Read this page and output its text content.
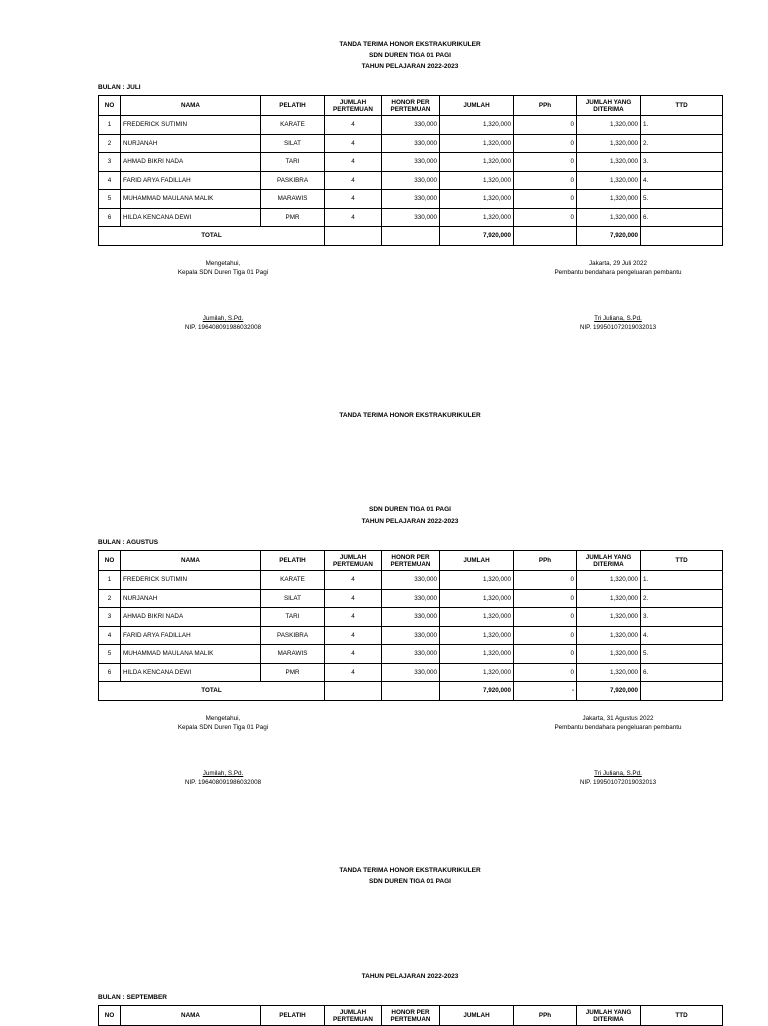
TANDA TERIMA HONOR EKSTRAKURIKULER
SDN DUREN TIGA 01 PAGI
TAHUN PELAJARAN 2022-2023
BULAN : JULI
NO	NAMA	PELATIH	JUMLAH PERTEMUAN	HONOR PER PERTEMUAN	JUMLAH	PPh	JUMLAH YANG DITERIMA	TTD
1	FREDERICK SUTIMIN	KARATE	4	330,000	1,320,000	0	1,320,000	1.
2	NURJANAH	SILAT	4	330,000	1,320,000	0	1,320,000	2.
3	AHMAD BIKRI NADA	TARI	4	330,000	1,320,000	0	1,320,000	3.
4	FARID ARYA FADILLAH	PASKIBRA	4	330,000	1,320,000	0	1,320,000	4.
5	MUHAMMAD MAULANA MALIK	MARAWIS	4	330,000	1,320,000	0	1,320,000	5.
6	HILDA KENCANA DEWI	PMR	4	330,000	1,320,000	0	1,320,000	6.
TOTAL					7,920,000		7,920,000	
Mengetahui,
Kepala SDN Duren Tiga 01 Pagi
Jumilah, S.Pd.
NIP. 196408091986032008
Jakarta, 29 Juli 2022
Pembantu bendahara pengeluaran pembantu
Tri Juliana, S.Pd.
NIP. 199501072019032013
TANDA TERIMA HONOR EKSTRAKURIKULER
SDN DUREN TIGA 01 PAGI
TAHUN PELAJARAN 2022-2023
BULAN : AGUSTUS
NO	NAMA	PELATIH	JUMLAH PERTEMUAN	HONOR PER PERTEMUAN	JUMLAH	PPh	JUMLAH YANG DITERIMA	TTD
1	FREDERICK SUTIMIN	KARATE	4	330,000	1,320,000	0	1,320,000	1.
2	NURJANAH	SILAT	4	330,000	1,320,000	0	1,320,000	2.
3	AHMAD BIKRI NADA	TARI	4	330,000	1,320,000	0	1,320,000	3.
4	FARID ARYA FADILLAH	PASKIBRA	4	330,000	1,320,000	0	1,320,000	4.
5	MUHAMMAD MAULANA MALIK	MARAWIS	4	330,000	1,320,000	0	1,320,000	5.
6	HILDA KENCANA DEWI	PMR	4	330,000	1,320,000	0	1,320,000	6.
TOTAL					7,920,000	-	7,920,000	
Mengetahui,
Kepala SDN Duren Tiga 01 Pagi
Jumilah, S.Pd.
NIP. 196408091986032008
Jakarta, 31 Agustus 2022
Pembantu bendahara pengeluaran pembantu
Tri Juliana, S.Pd.
NIP. 199501072019032013
TANDA TERIMA HONOR EKSTRAKURIKULER
SDN DUREN TIGA 01 PAGI
TAHUN PELAJARAN 2022-2023
BULAN : SEPTEMBER
NO	NAMA	PELATIH	JUMLAH PERTEMUAN	HONOR PER PERTEMUAN	JUMLAH	PPh	JUMLAH YANG DITERIMA	TTD
